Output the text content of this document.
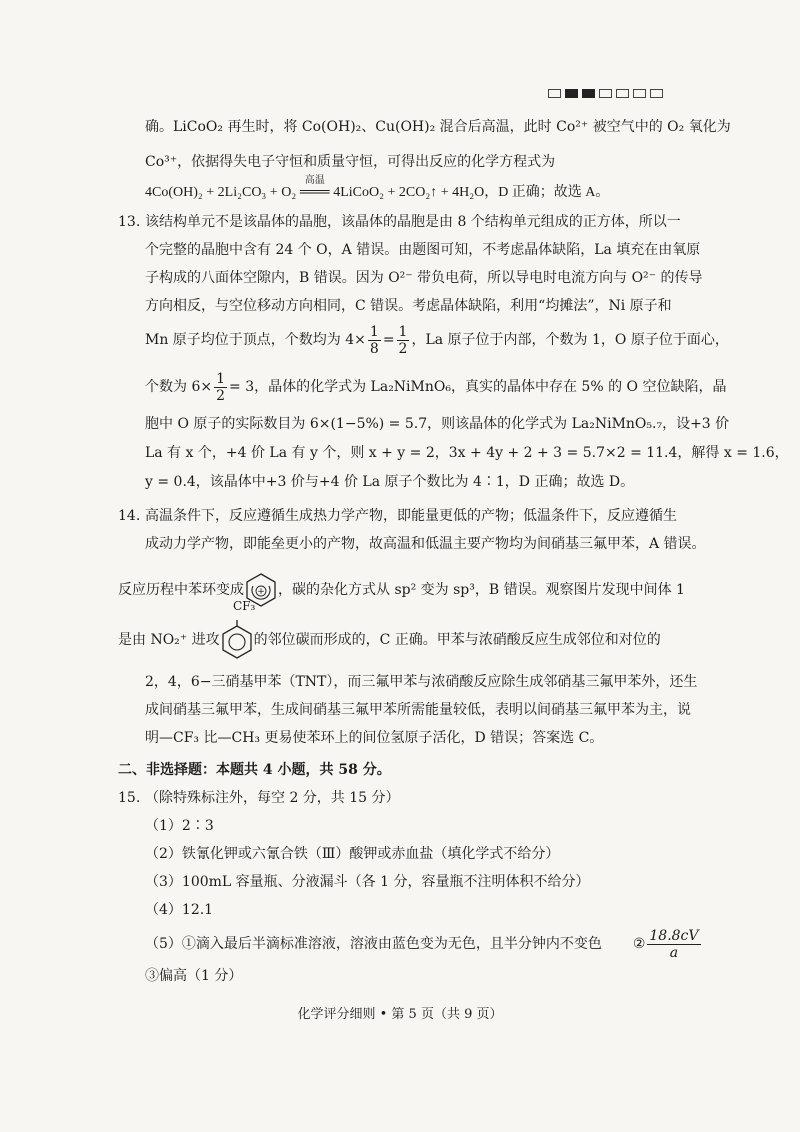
确。LiCoO₂ 再生时，将 Co(OH)₂、Cu(OH)₂ 混合后高温，此时 Co²⁺ 被空气中的 O₂ 氧化为
Co³⁺，依据得失电子守恒和质量守恒，可得出反应的化学方程式为
4Co(OH)₂ + 2Li₂CO₃ + O₂
高温
═══ 4LiCoO₂ + 2CO₂↑ + 4H₂O，D 正确；故选 A。
13. 该结构单元不是该晶体的晶胞，该晶体的晶胞是由 8 个结构单元组成的正方体，所以一
个完整的晶胞中含有 24 个 O，A 错误。由题图可知，不考虑晶体缺陷，La 填充在由氧原
子构成的八面体空隙内，B 错误。因为 O²⁻ 带负电荷，所以导电时电流方向与 O²⁻ 的传导
方向相反，与空位移动方向相同，C 错误。考虑晶体缺陷，利用“均摊法”，Ni 原子和
Mn 原子均位于顶点，个数均为 $4\times \frac{1}{8} = \frac{1}{2}$ ，La 原子位于内部，个数为 1，O 原子位于面心，
个数为 $6\times \frac{1}{2} = 3$，晶体的化学式为 La₂NiMnO₆，真实的晶体中存在 5% 的 O 空位缺陷，晶
胞中 O 原子的实际数目为 6×(1−5%) = 5.7，则该晶体的化学式为 La₂NiMnO₅.₇，设+3 价
La 有 x 个，+4 价 La 有 y 个，则 x + y = 2，3x + 4y + 2 + 3 = 5.7×2 = 11.4，解得 x = 1.6，
y = 0.4，该晶体中+3 价与+4 价 La 原子个数比为 4∶1，D 正确；故选 D。
14. 高温条件下，反应遵循生成热力学产物，即能量更低的产物；低温条件下，反应遵循生
成动力学产物，即能垒更小的产物，故高温和低温主要产物均为间硝基三氟甲苯，A 错误。
反应历程中苯环变成 + ，碳的杂化方式从 sp² 变为 sp³，B 错误。观察图片发现中间体 1
CF₃
是由 NO₂⁺ 进攻 的邻位碳而形成的，C 正确。甲苯与浓硝酸反应生成邻位和对位的
2，4，6−三硝基甲苯（TNT），而三氟甲苯与浓硝酸反应除生成邻硝基三氟甲苯外，还生
成间硝基三氟甲苯，生成间硝基三氟甲苯所需能量较低，表明以间硝基三氟甲苯为主，说
明—CF₃ 比—CH₃ 更易使苯环上的间位氢原子活化，D 错误；答案选 C。
二、非选择题：本题共 4 小题，共 58 分。
15. （除特殊标注外，每空 2 分，共 15 分）
（1）2∶3
（2）铁氰化钾或六氰合铁（Ⅲ）酸钾或赤血盐（填化学式不给分）
（3）100mL 容量瓶、分液漏斗（各 1 分，容量瓶不注明体积不给分）
（4）12.1
（5）①滴入最后半滴标准溶液，溶液由蓝色变为无色，且半分钟内不变色 ② $\frac{18.8cV}{a}$
③偏高（1 分）
化学评分细则 • 第 5 页（共 9 页）
